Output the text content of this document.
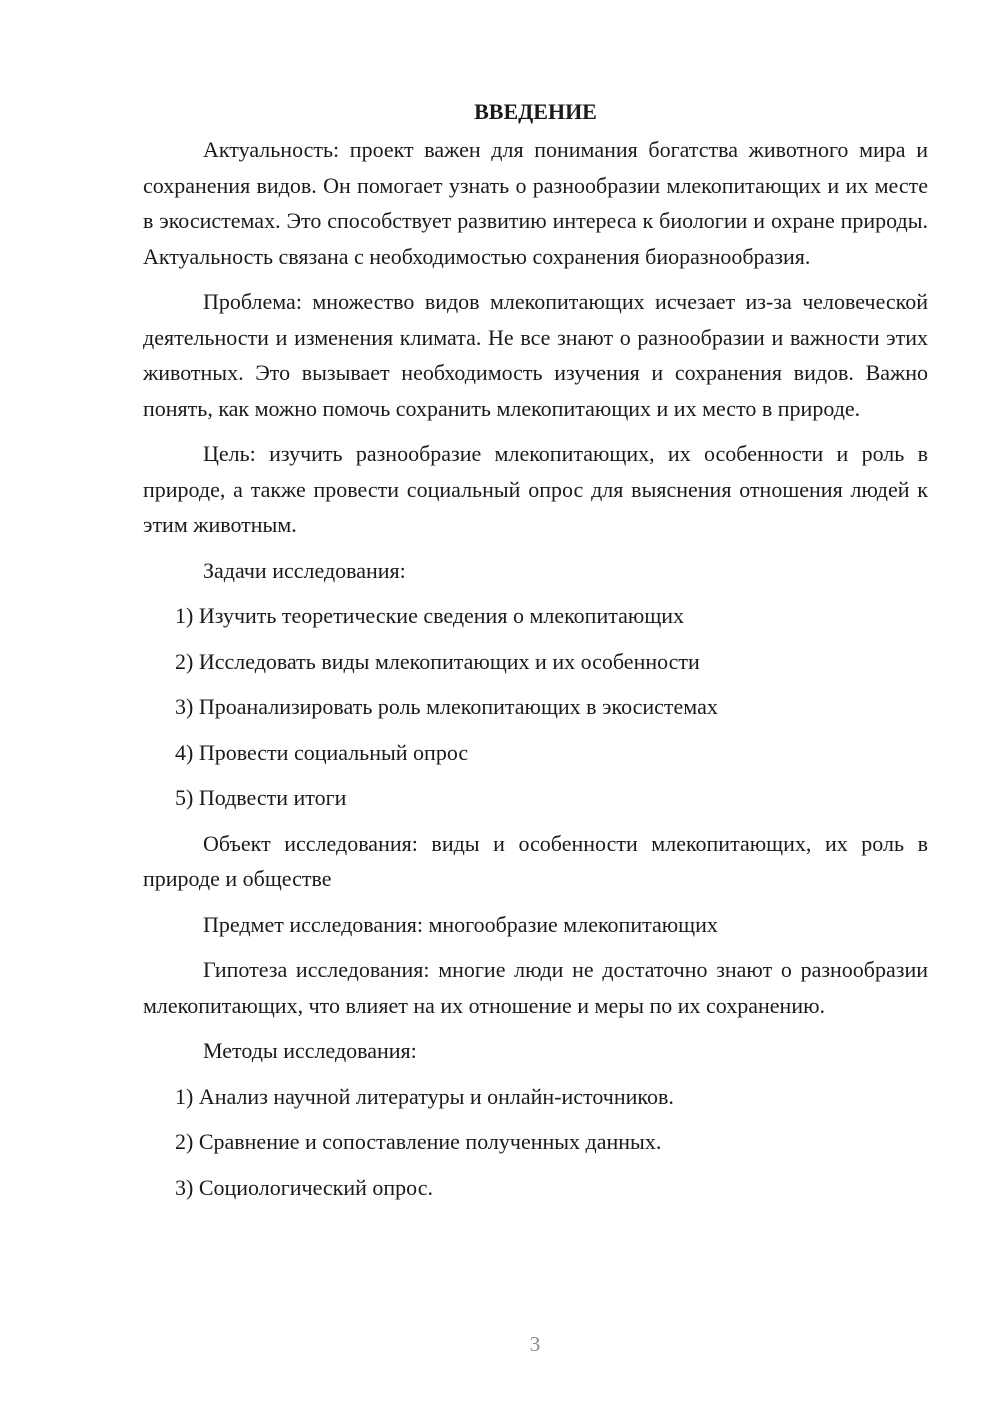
ВВЕДЕНИЕ

Актуальность: проект важен для понимания богатства животного мира и сохранения видов. Он помогает узнать о разнообразии млекопитающих и их месте в экосистемах. Это способствует развитию интереса к биологии и охране природы. Актуальность связана с необходимостью сохранения биоразнообразия.

Проблема: множество видов млекопитающих исчезает из-за человеческой деятельности и изменения климата. Не все знают о разнообразии и важности этих животных. Это вызывает необходимость изучения и сохранения видов. Важно понять, как можно помочь сохранить млекопитающих и их место в природе.

Цель: изучить разнообразие млекопитающих, их особенности и роль в природе, а также провести социальный опрос для выяснения отношения людей к этим животным.

Задачи исследования:

1) Изучить теоретические сведения о млекопитающих
2) Исследовать виды млекопитающих и их особенности
3) Проанализировать роль млекопитающих в экосистемах
4) Провести социальный опрос
5) Подвести итоги

Объект исследования: виды и особенности млекопитающих, их роль в природе и обществе

Предмет исследования: многообразие млекопитающих

Гипотеза исследования: многие люди не достаточно знают о разнообразии млекопитающих, что влияет на их отношение и меры по их сохранению.

Методы исследования:

1) Анализ научной литературы и онлайн-источников.
2) Сравнение и сопоставление полученных данных.
3) Социологический опрос.
3
